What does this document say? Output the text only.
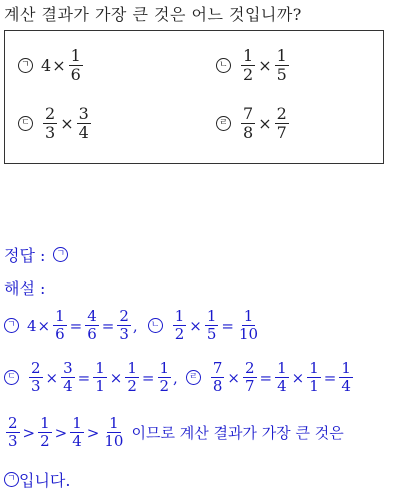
계산 결과가 가장 큰 것은 어느 것입니까?
ㄱ $4 \times \frac{1}{6}$	ㄴ $\frac{1}{2} \times \frac{1}{5}$
ㄷ $\frac{2}{3} \times \frac{3}{4}$	ㄹ $\frac{7}{8} \times \frac{2}{7}$
정답 :	ㄱ
해설 :
ㄱ $4 \times \frac{1}{6} = \frac{4}{6} = \frac{2}{3}$ ,	ㄴ $\frac{1}{2} \times \frac{1}{5} = \frac{1}{10}$
ㄷ $\frac{2}{3} \times \frac{3}{4} = \frac{1}{1} \times \frac{1}{2} = \frac{1}{2}$ ,	ㄹ $\frac{7}{8} \times \frac{2}{7} = \frac{1}{4} \times \frac{1}{1} = \frac{1}{4}$
$\frac{2}{3} > \frac{1}{2} > \frac{1}{4} > \frac{1}{10}$ 이므로 계산 결과가 가장 큰 것은
ㄱ 입니다.
